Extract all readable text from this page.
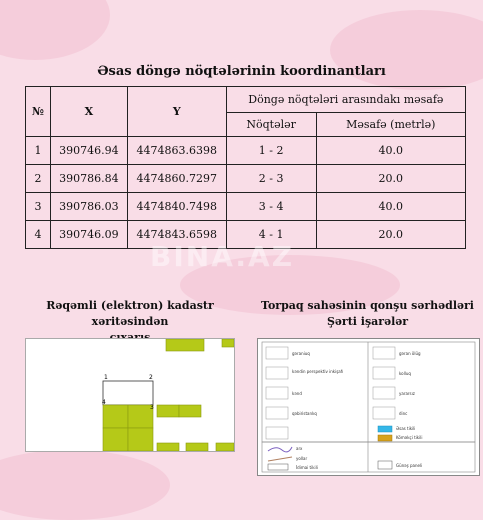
Əsas döngə nöqtələrinin koordinantları
№	X	Y	Döngə nöqtələri arasındakı məsafə	
			Nöqtələr	Məsafə (metrlə)
1	390746.94	4474863.6398	1 - 2	40.0
2	390786.84	4474860.7297	2 - 3	20.0
3	390786.03	4474840.7498	3 - 4	40.0
4	390746.09	4474843.6598	4 - 1	20.0
BINA.AZ
Rəqəmli (elektron) kadastr xəritəsindən
Torpaq sahəsinin qonşu sərhədləri
Şərti işarələr
1	2
3
4
gəraniuq	gəran ölüg
kəndin perspektiv inkişafı	kolluq
kənd	yararsız
qəbiristanlıq	dinc
arx
Əsas tikili
yollar
Köməkçi tikili
İdimai tikili	Günəş paneli
